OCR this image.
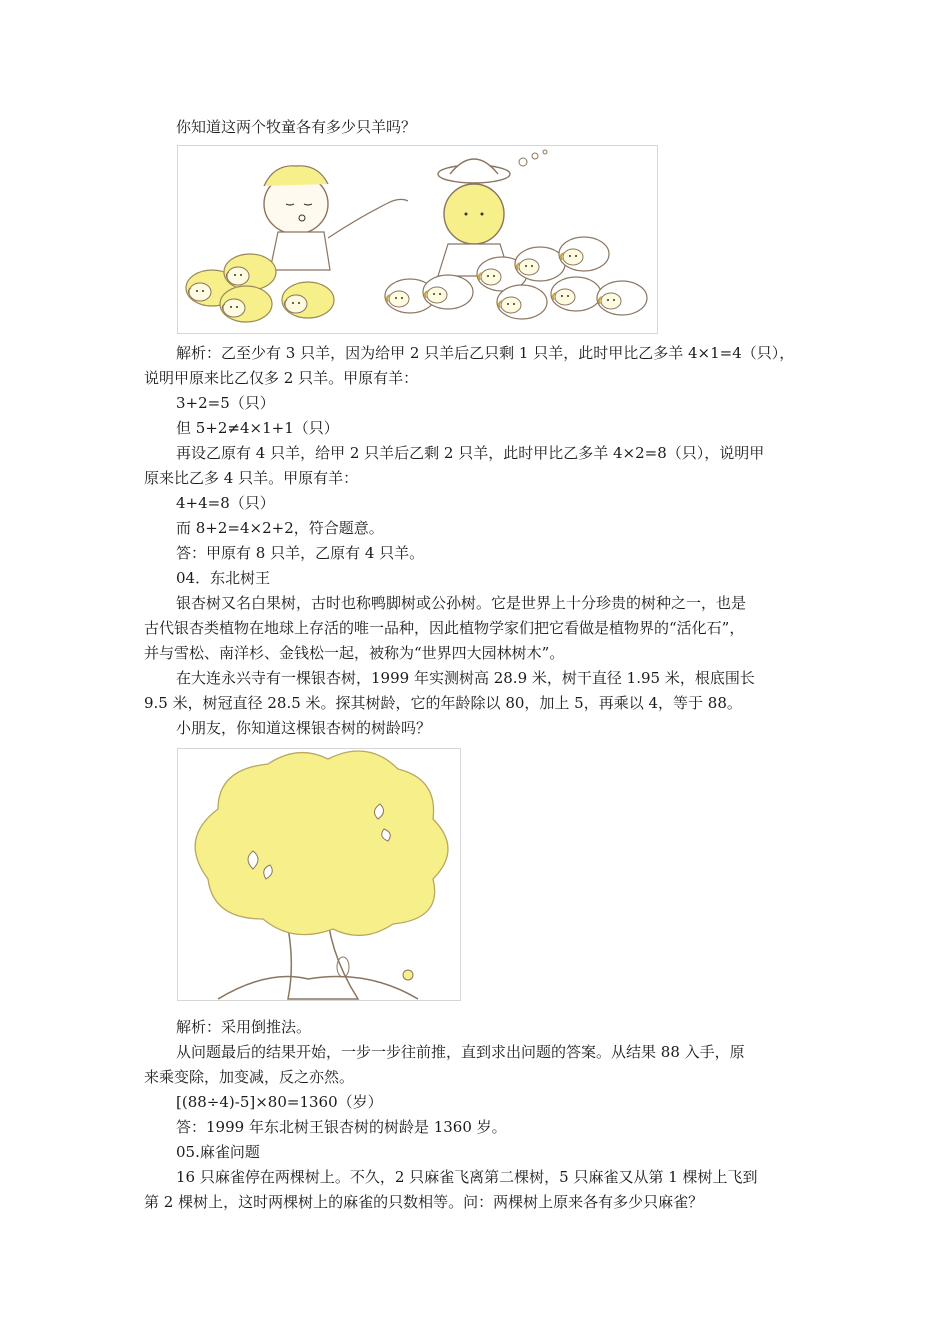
你知道这两个牧童各有多少只羊吗？
解析：乙至少有 3 只羊，因为给甲 2 只羊后乙只剩 1 只羊，此时甲比乙多羊 4×1=4（只），
说明甲原来比乙仅多 2 只羊。甲原有羊：
3+2=5（只）
但 5+2≠4×1+1（只）
再设乙原有 4 只羊，给甲 2 只羊后乙剩 2 只羊，此时甲比乙多羊 4×2=8（只），说明甲
原来比乙多 4 只羊。甲原有羊：
4+4=8（只）
而 8+2=4×2+2，符合题意。
答：甲原有 8 只羊，乙原有 4 只羊。
04．东北树王
银杏树又名白果树，古时也称鸭脚树或公孙树。它是世界上十分珍贵的树种之一，也是
古代银杏类植物在地球上存活的唯一品种，因此植物学家们把它看做是植物界的“活化石”，
并与雪松、南洋杉、金钱松一起，被称为“世界四大园林树木”。
在大连永兴寺有一棵银杏树，1999 年实测树高 28.9 米，树干直径 1.95 米，根底围长
9.5 米，树冠直径 28.5 米。探其树龄，它的年龄除以 80，加上 5，再乘以 4，等于 88。
小朋友，你知道这棵银杏树的树龄吗？
解析：采用倒推法。
从问题最后的结果开始，一步一步往前推，直到求出问题的答案。从结果 88 入手，原
来乘变除，加变减，反之亦然。
[(88÷4)-5]×80=1360（岁）
答：1999 年东北树王银杏树的树龄是 1360 岁。
05.麻雀问题
16 只麻雀停在两棵树上。不久，2 只麻雀飞离第二棵树，5 只麻雀又从第 1 棵树上飞到
第 2 棵树上，这时两棵树上的麻雀的只数相等。问：两棵树上原来各有多少只麻雀？
